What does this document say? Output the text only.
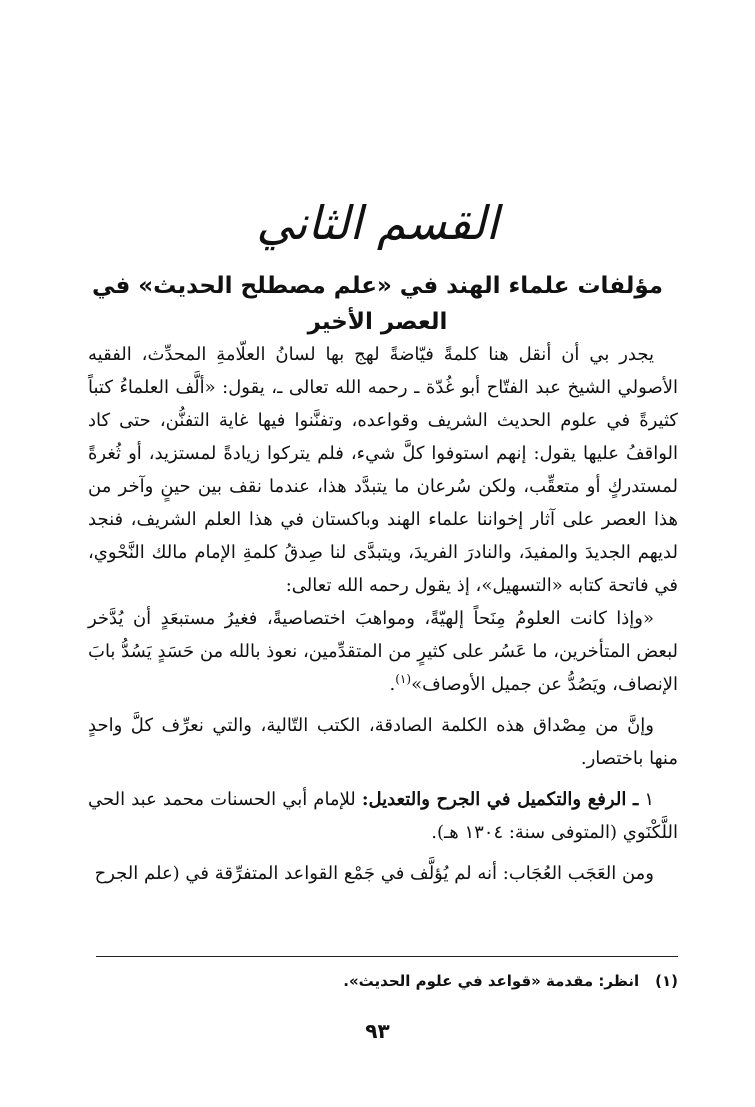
القسم الثاني
مؤلفات علماء الهند في «علم مصطلح الحديث» في العصر الأخير

يجدر بي أن أنقل هنا كلمةً فيّاضةً لهج بها لسانُ العلّامةِ المحدِّث، الفقيه الأصولي الشيخ عبد الفتّاح أبو غُدّة ـ رحمه الله تعالى ـ، يقول: «ألَّف العلماءُ كتباً كثيرةً في علوم الحديث الشريف وقواعده، وتفنَّنوا فيها غاية التفنُّن، حتى كاد الواقفُ عليها يقول: إنهم استوفوا كلَّ شيء، فلم يتركوا زيادةً لمستزيد، أو ثُغرةً لمستدركٍ أو متعقِّب، ولكن سُرعان ما يتبدَّد هذا، عندما نقف بين حينٍ وآخر من هذا العصر على آثار إخواننا علماء الهند وباكستان في هذا العلم الشريف، فنجد لديهم الجديدَ والمفيدَ، والنادرَ الفريدَ، ويتبدَّى لنا صِدقُ كلمةِ الإمام مالك النَّحْوي، في فاتحة كتابه «التسهيل»، إذ يقول رحمه الله تعالى:

«وإذا كانت العلومُ مِنَحاً إلهيّةً، ومواهبَ اختصاصيةً، فغيرُ مستبعَدٍ أن يُدَّخر لبعض المتأخرين، ما عَسُر على كثيرٍ من المتقدِّمين، نعوذ بالله من حَسَدٍ يَسُدُّ بابَ الإنصاف، ويَصُدُّ عن جميل الأوصاف»$^{(١)}$.

وإنَّ من مِصْداق هذه الكلمة الصادقة، الكتب التّالية، والتي نعرِّف كلَّ واحدٍ منها باختصار.

١ ـ الرفع والتكميل في الجرح والتعديل: للإمام أبي الحسنات محمد عبد الحي اللَّكْنَوي (المتوفى سنة: ١٣٠٤ هـ).

ومن العَجَب العُجَاب: أنه لم يُؤلَّف في جَمْع القواعد المتفرِّقة في (علم الجرح

(١)انظر: مقدمة «قواعد في علوم الحديث».
٩٣
